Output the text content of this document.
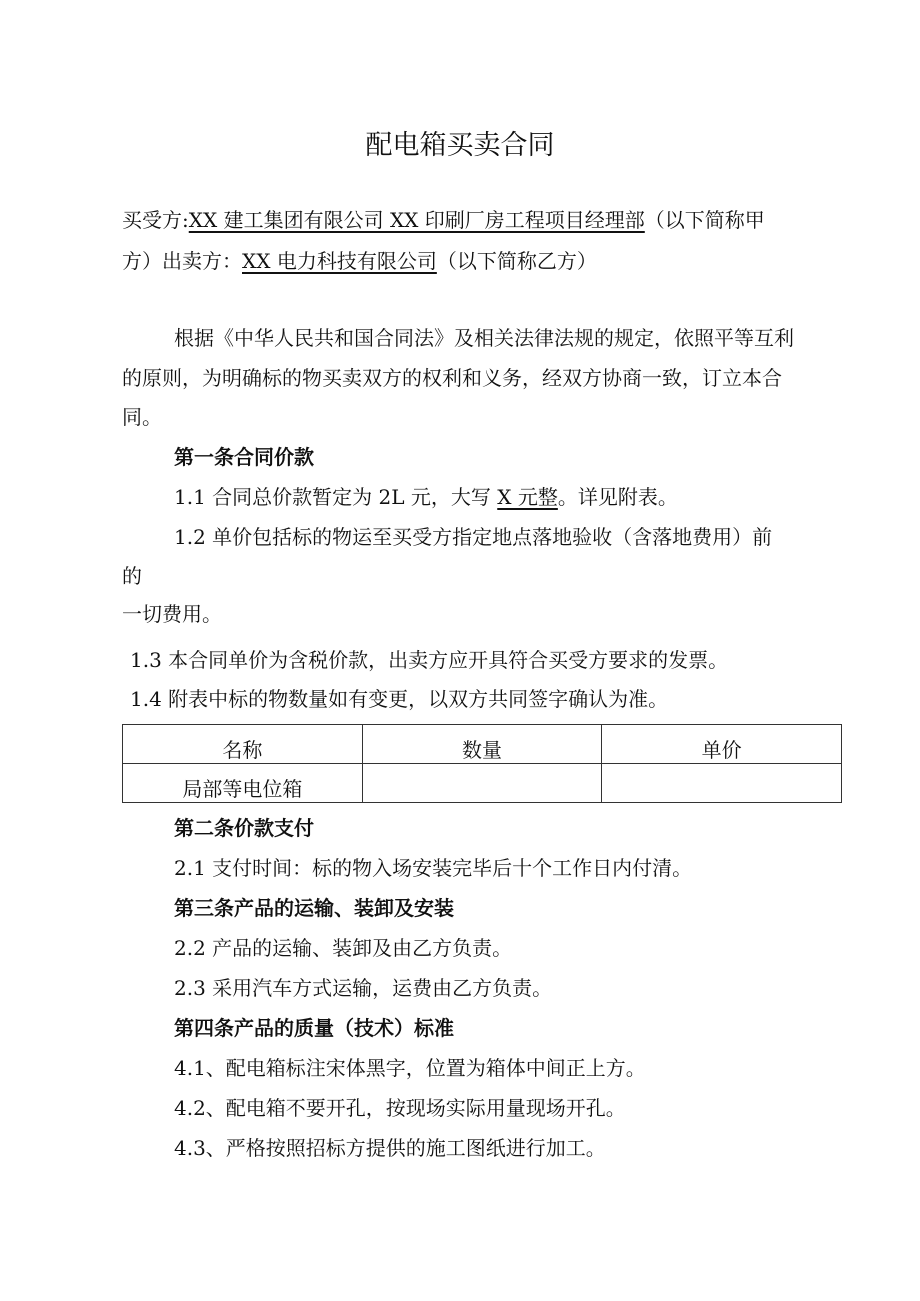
配电箱买卖合同
买受方:XX 建工集团有限公司 XX 印刷厂房工程项目经理部（以下简称甲
方）出卖方：XX 电力科技有限公司（以下简称乙方）
根据《中华人民共和国合同法》及相关法律法规的规定，依照平等互利
的原则，为明确标的物买卖双方的权利和义务，经双方协商一致，订立本合
同。
第一条合同价款
1.1 合同总价款暂定为 2L 元，大写 X 元整。详见附表。
1.2 单价包括标的物运至买受方指定地点落地验收（含落地费用）前
的
一切费用。
1.3 本合同单价为含税价款，出卖方应开具符合买受方要求的发票。
1.4 附表中标的物数量如有变更，以双方共同签字确认为准。
名称	数量	单价
局部等电位箱		
第二条价款支付
2.1 支付时间：标的物入场安装完毕后十个工作日内付清。
第三条产品的运输、装卸及安装
2.2 产品的运输、装卸及由乙方负责。
2.3 采用汽车方式运输，运费由乙方负责。
第四条产品的质量（技术）标准
4.1、配电箱标注宋体黑字，位置为箱体中间正上方。
4.2、配电箱不要开孔，按现场实际用量现场开孔。
4.3、严格按照招标方提供的施工图纸进行加工。
